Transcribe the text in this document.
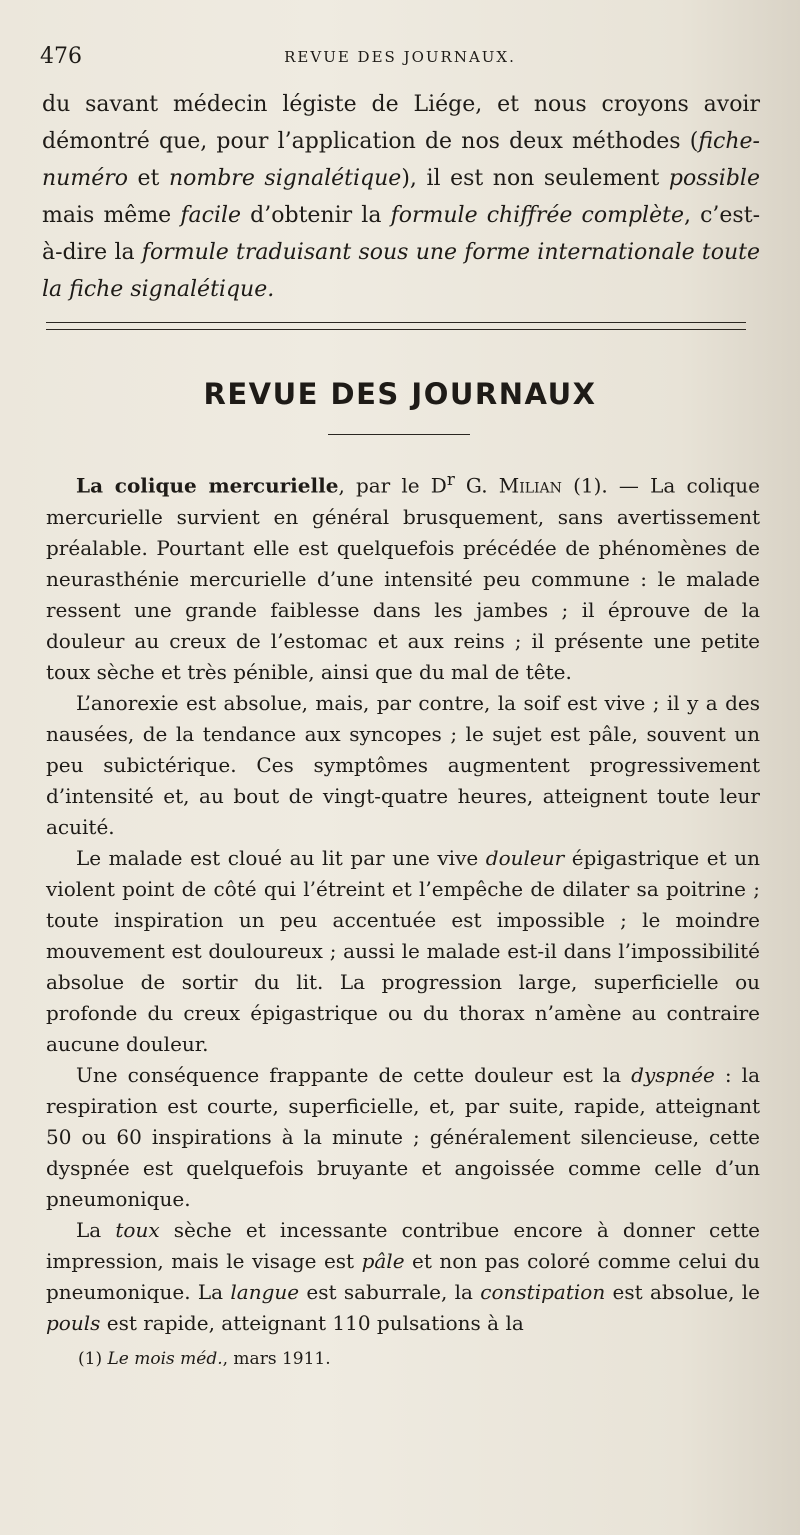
476	REVUE DES JOURNAUX.

du savant médecin légiste de Liége, et nous croyons avoir démontré que, pour l’application de nos deux méthodes (fiche-numéro et nombre signalétique), il est non seulement possible mais même facile d’obtenir la formule chiffrée complète, c’est-à-dire la formule traduisant sous une forme internationale toute la fiche signalétique.

REVUE DES JOURNAUX

La colique mercurielle, par le $D^r$ G. Milian (1). — La colique mercurielle survient en général brusquement, sans avertissement préalable. Pourtant elle est quelquefois précédée de phénomènes de neurasthénie mercurielle d’une intensité peu commune : le malade ressent une grande faiblesse dans les jambes ; il éprouve de la douleur au creux de l’estomac et aux reins ; il présente une petite toux sèche et très pénible, ainsi que du mal de tête.

L’anorexie est absolue, mais, par contre, la soif est vive ; il y a des nausées, de la tendance aux syncopes ; le sujet est pâle, souvent un peu subictérique. Ces symptômes augmentent progressivement d’intensité et, au bout de vingt-quatre heures, atteignent toute leur acuité.

Le malade est cloué au lit par une vive douleur épigastrique et un violent point de côté qui l’étreint et l’empêche de dilater sa poitrine ; toute inspiration un peu accentuée est impossible ; le moindre mouvement est douloureux ; aussi le malade est-il dans l’impossibilité absolue de sortir du lit. La progression large, superficielle ou profonde du creux épigastrique ou du thorax n’amène au contraire aucune douleur.

Une conséquence frappante de cette douleur est la dyspnée : la respiration est courte, superficielle, et, par suite, rapide, atteignant 50 ou 60 inspirations à la minute ; généralement silencieuse, cette dyspnée est quelquefois bruyante et angoissée comme celle d’un pneumonique.

La toux sèche et incessante contribue encore à donner cette impression, mais le visage est pâle et non pas coloré comme celui du pneumonique. La langue est saburrale, la constipation est absolue, le pouls est rapide, atteignant 110 pulsations à la

(1) Le mois méd., mars 1911.
